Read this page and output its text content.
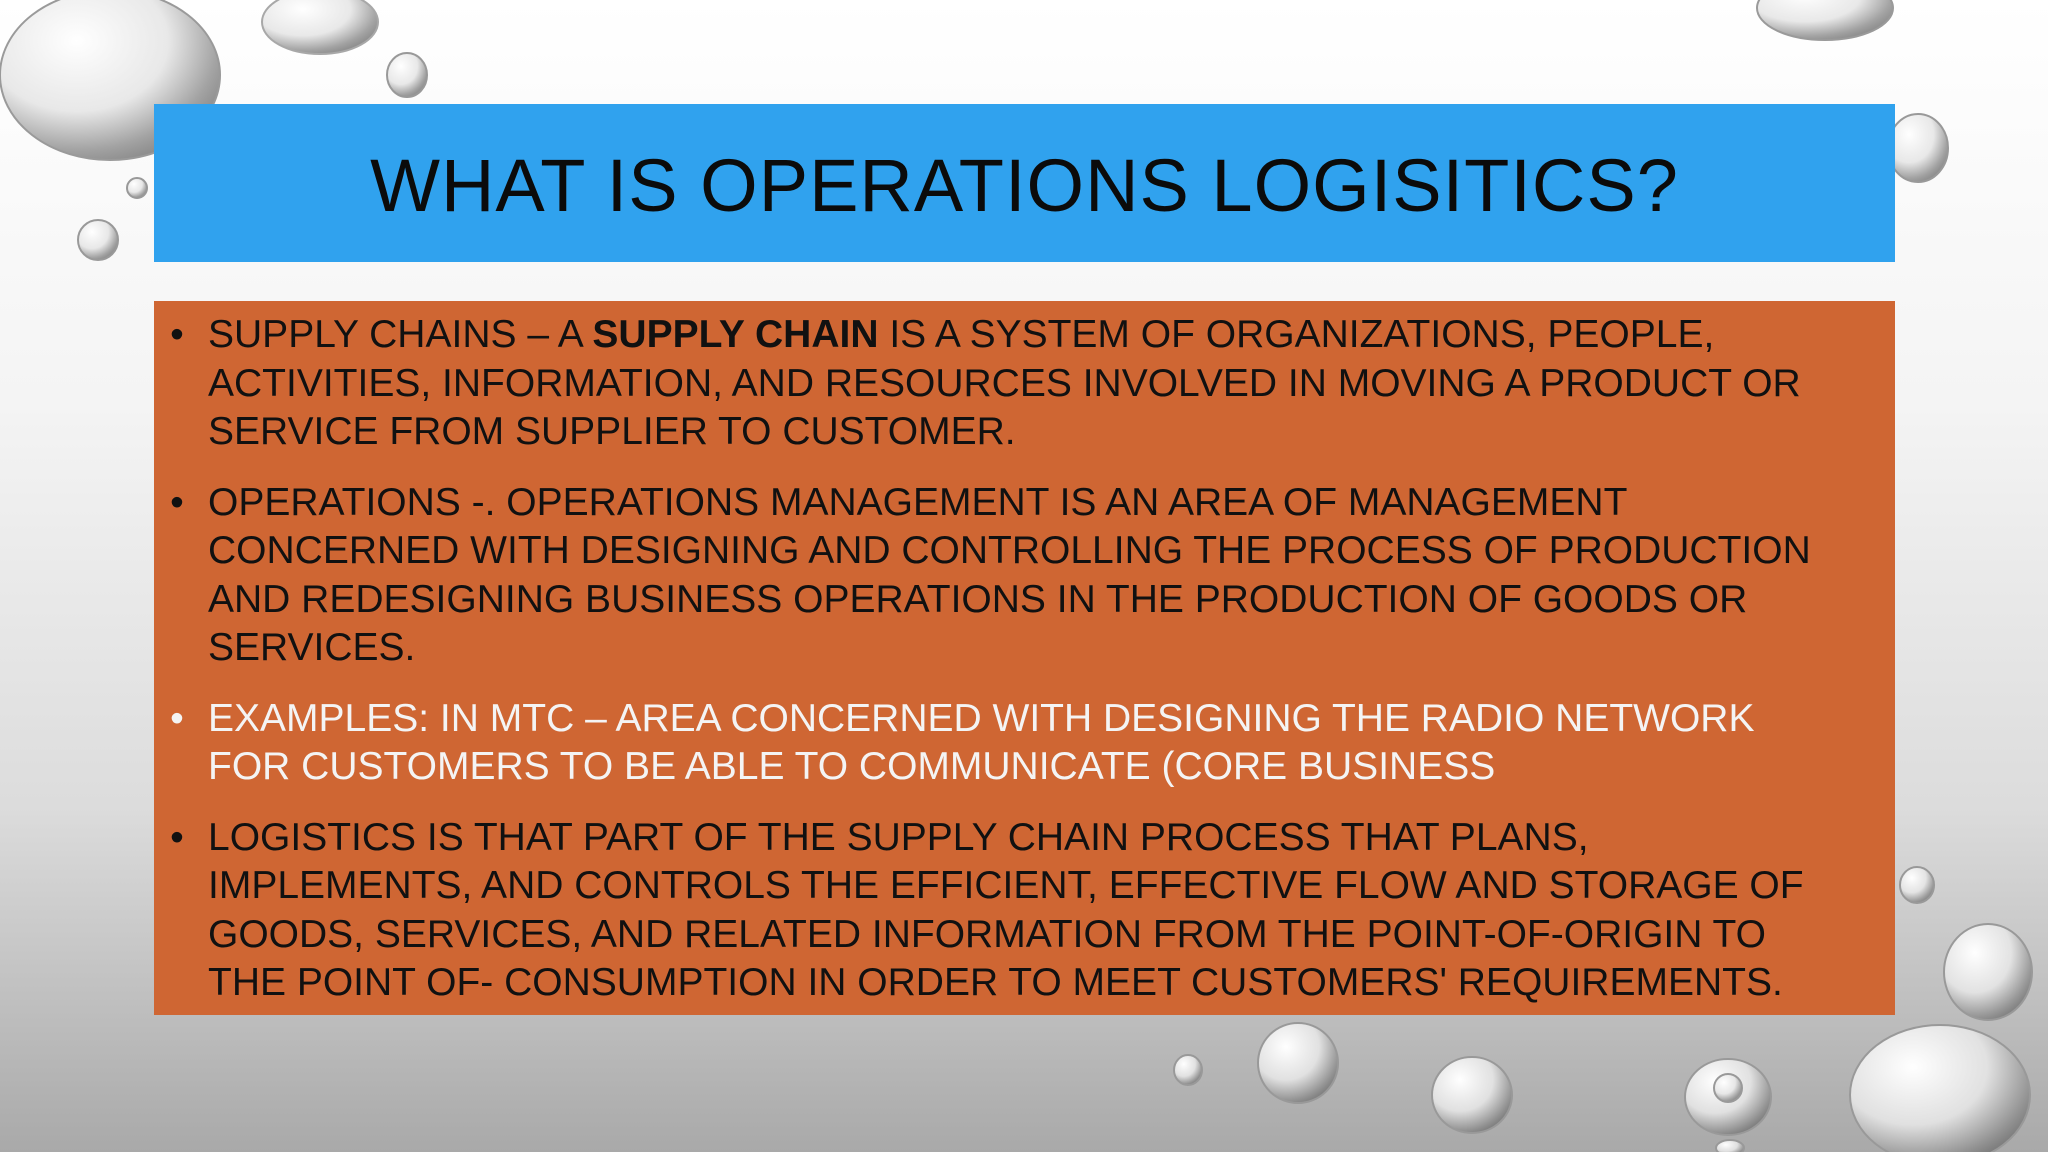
WHAT IS OPERATIONS LOGISITICS?
• SUPPLY CHAINS – A SUPPLY CHAIN IS A SYSTEM OF ORGANIZATIONS, PEOPLE,
ACTIVITIES, INFORMATION, AND RESOURCES INVOLVED IN MOVING A PRODUCT OR
SERVICE FROM SUPPLIER TO CUSTOMER.
• OPERATIONS -. OPERATIONS MANAGEMENT IS AN AREA OF MANAGEMENT
CONCERNED WITH DESIGNING AND CONTROLLING THE PROCESS OF PRODUCTION
AND REDESIGNING BUSINESS OPERATIONS IN THE PRODUCTION OF GOODS OR
SERVICES.
• EXAMPLES: IN MTC – AREA CONCERNED WITH DESIGNING THE RADIO NETWORK
FOR CUSTOMERS TO BE ABLE TO COMMUNICATE (CORE BUSINESS
• LOGISTICS IS THAT PART OF THE SUPPLY CHAIN PROCESS THAT PLANS,
IMPLEMENTS, AND CONTROLS THE EFFICIENT, EFFECTIVE FLOW AND STORAGE OF
GOODS, SERVICES, AND RELATED INFORMATION FROM THE POINT-OF-ORIGIN TO
THE POINT OF- CONSUMPTION IN ORDER TO MEET CUSTOMERS' REQUIREMENTS.
